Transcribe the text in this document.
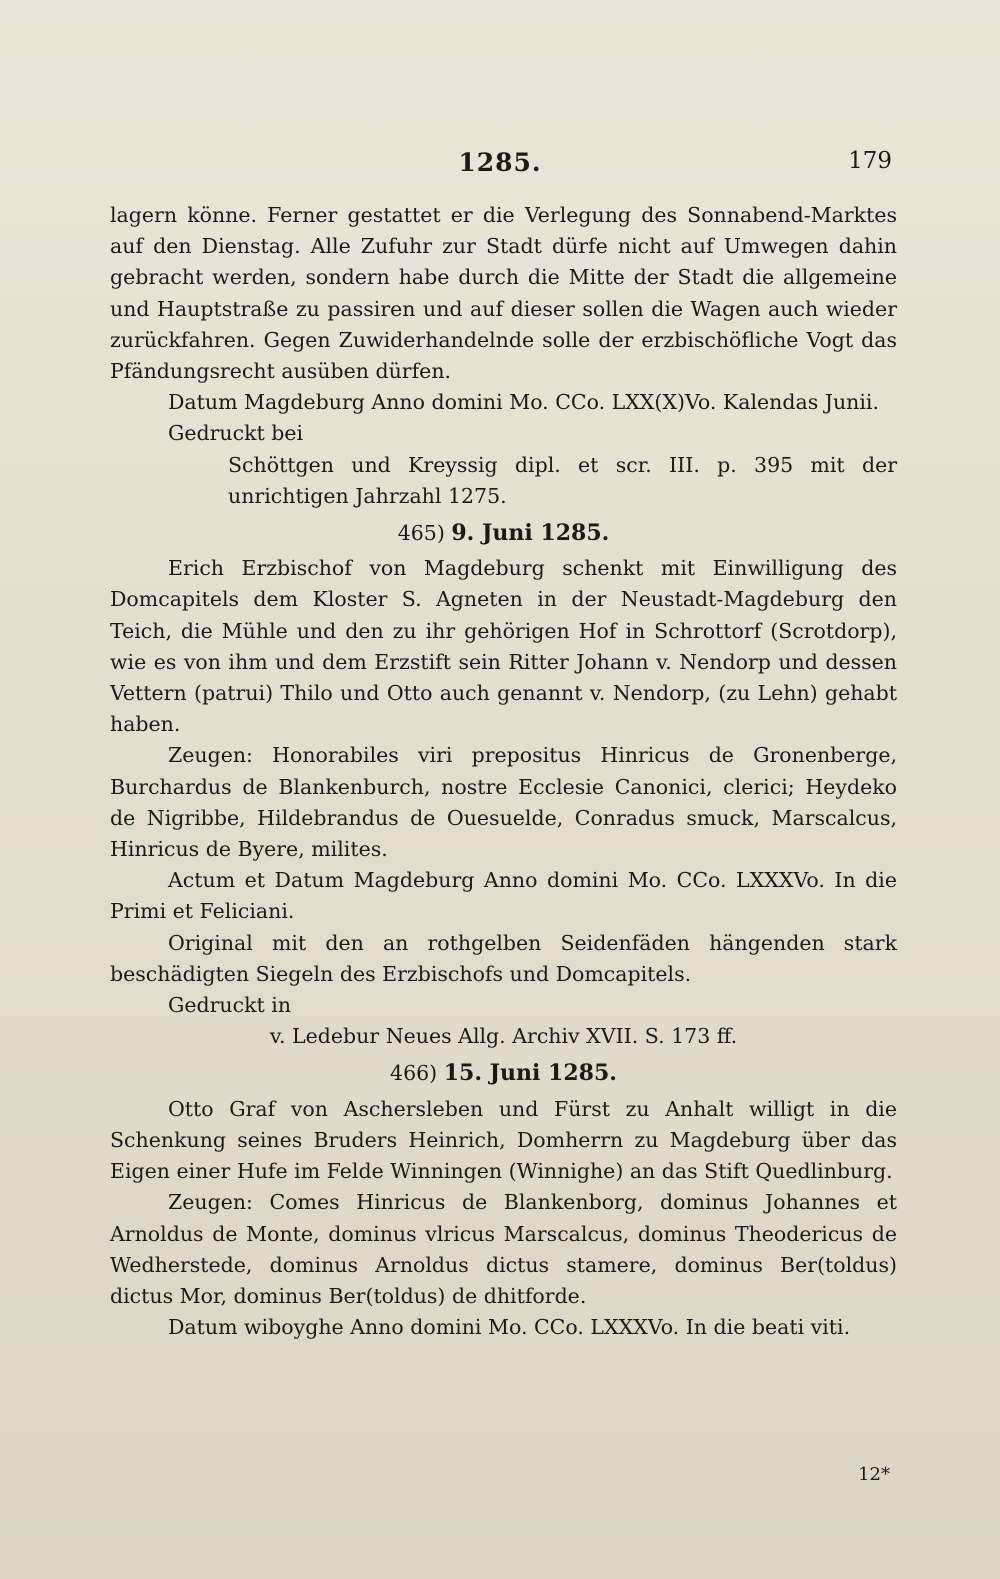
1285.	179

lagern könne. Ferner gestattet er die Verlegung des Sonnabend-Marktes auf den Dienstag. Alle Zufuhr zur Stadt dürfe nicht auf Umwegen dahin gebracht werden, sondern habe durch die Mitte der Stadt die allgemeine und Hauptstraße zu passiren und auf dieser sollen die Wagen auch wieder zurückfahren. Gegen Zuwiderhandelnde solle der erzbischöfliche Vogt das Pfändungsrecht ausüben dürfen.

Datum Magdeburg Anno domini Mo. CCo. LXX(X)Vo. Kalendas Junii.

Gedruckt bei

Schöttgen und Kreyssig dipl. et scr. III. p. 395 mit der unrichtigen Jahrzahl 1275.

465) 9. Juni 1285.

Erich Erzbischof von Magdeburg schenkt mit Einwilligung des Domcapitels dem Kloster S. Agneten in der Neustadt-Magdeburg den Teich, die Mühle und den zu ihr gehörigen Hof in Schrottorf (Scrotdorp), wie es von ihm und dem Erzstift sein Ritter Johann v. Nendorp und dessen Vettern (patrui) Thilo und Otto auch genannt v. Nendorp, (zu Lehn) gehabt haben.

Zeugen: Honorabiles viri prepositus Hinricus de Gronenberge, Burchardus de Blankenburch, nostre Ecclesie Canonici, clerici; Heydeko de Nigribbe, Hildebrandus de Ouesuelde, Conradus smuck, Marscalcus, Hinricus de Byere, milites.

Actum et Datum Magdeburg Anno domini Mo. CCo. LXXXVo. In die Primi et Feliciani.

Original mit den an rothgelben Seidenfäden hängenden stark beschädigten Siegeln des Erzbischofs und Domcapitels.

Gedruckt in

v. Ledebur Neues Allg. Archiv XVII. S. 173 ff.

466) 15. Juni 1285.

Otto Graf von Aschersleben und Fürst zu Anhalt willigt in die Schenkung seines Bruders Heinrich, Domherrn zu Magdeburg über das Eigen einer Hufe im Felde Winningen (Winnighe) an das Stift Quedlinburg.

Zeugen: Comes Hinricus de Blankenborg, dominus Johannes et Arnoldus de Monte, dominus vlricus Marscalcus, dominus Theodericus de Wedherstede, dominus Arnoldus dictus stamere, dominus Ber(toldus) dictus Mor, dominus Ber(toldus) de dhitforde.

Datum wiboyghe Anno domini Mo. CCo. LXXXVo. In die beati viti.

12*
